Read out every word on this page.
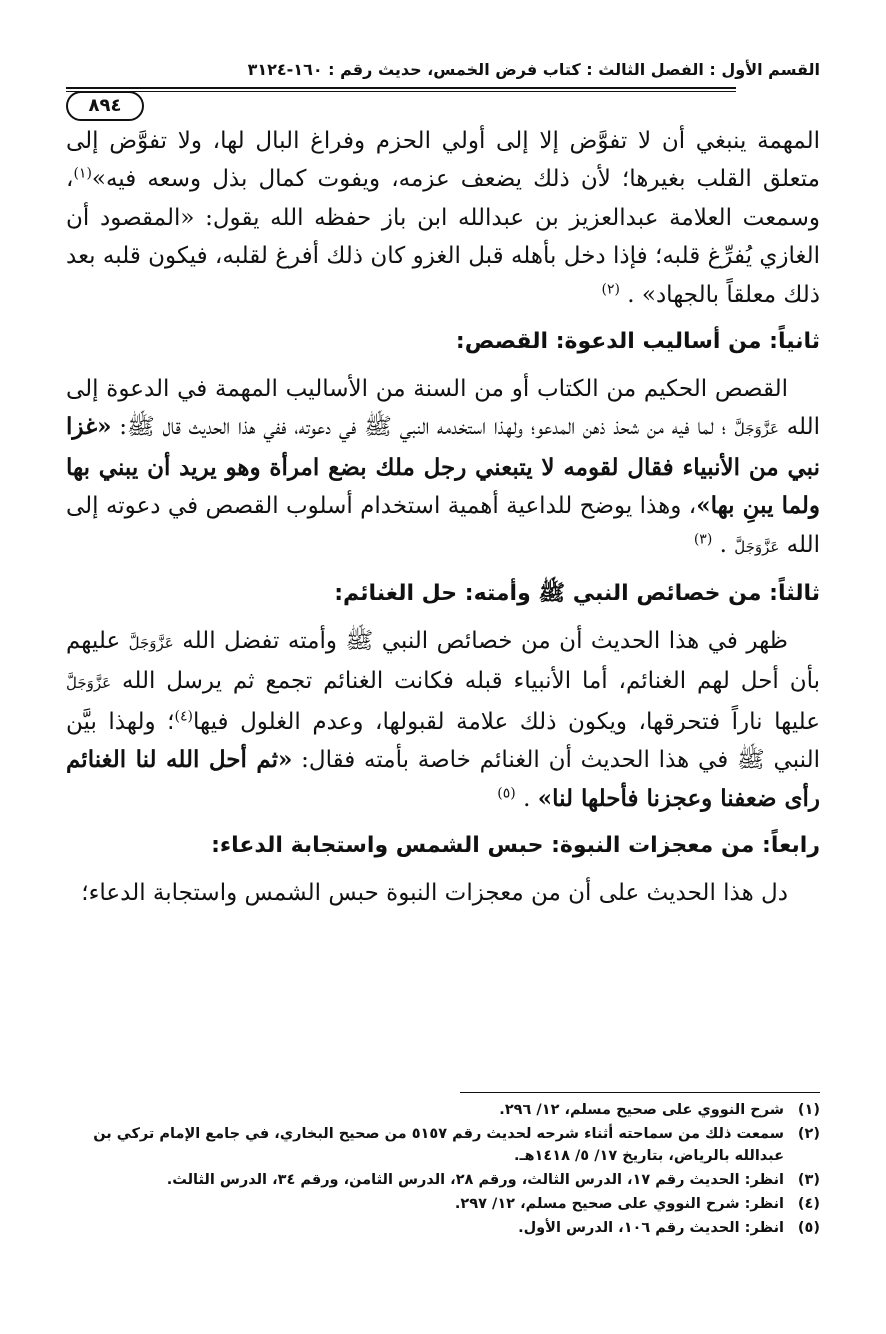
القسم الأول : الفصل الثالث : كتاب فرض الخمس، حديث رقم : ١٦٠-٣١٢٤
٨٩٤

المهمة ينبغي أن لا تفوَّض إلا إلى أولي الحزم وفراغ البال لها، ولا تفوَّض إلى متعلق القلب بغيرها؛ لأن ذلك يضعف عزمه، ويفوت كمال بذل وسعه فيه»$^{(١)}$، وسمعت العلامة عبدالعزيز بن عبدالله ابن باز حفظه الله يقول: «المقصود أن الغازي يُفرِّغ قلبه؛ فإذا دخل بأهله قبل الغزو كان ذلك أفرغ لقلبه، فيكون قلبه بعد ذلك معلقاً بالجهاد» . $^{(٢)}$

ثانياً: من أساليب الدعوة: القصص:

القصص الحكيم من الكتاب أو من السنة من الأساليب المهمة في الدعوة إلى الله عَزَّوَجَلَّ ؛ لما فيه من شحذ ذهن المدعو؛ ولهذا استخدمه النبي ﷺ في دعوته، ففي هذا الحديث قال ﷺ: «غزا نبي من الأنبياء فقال لقومه لا يتبعني رجل ملك بضع امرأة وهو يريد أن يبني بها ولما يبنِ بها»، وهذا يوضح للداعية أهمية استخدام أسلوب القصص في دعوته إلى الله عَزَّوَجَلَّ . $^{(٣)}$

ثالثاً: من خصائص النبي ﷺ وأمته: حل الغنائم:

ظهر في هذا الحديث أن من خصائص النبي ﷺ وأمته تفضل الله عَزَّوَجَلَّ عليهم بأن أحل لهم الغنائم، أما الأنبياء قبله فكانت الغنائم تجمع ثم يرسل الله عَزَّوَجَلَّ عليها ناراً فتحرقها، ويكون ذلك علامة لقبولها، وعدم الغلول فيها$^{(٤)}$؛ ولهذا بيَّن النبي ﷺ في هذا الحديث أن الغنائم خاصة بأمته فقال: «ثم أحل الله لنا الغنائم رأى ضعفنا وعجزنا فأحلها لنا» . $^{(٥)}$

رابعاً: من معجزات النبوة: حبس الشمس واستجابة الدعاء:

دل هذا الحديث على أن من معجزات النبوة حبس الشمس واستجابة الدعاء؛

(١)
شرح النووي على صحيح مسلم، ١٢/ ٢٩٦.
(٢)
سمعت ذلك من سماحته أثناء شرحه لحديث رقم ٥١٥٧ من صحيح البخاري، في جامع الإمام تركي بن عبدالله بالرياض، بتاريخ ١٧/ ٥/ ١٤١٨هـ.
(٣)
انظر: الحديث رقم ١٧، الدرس الثالث، ورقم ٢٨، الدرس الثامن، ورقم ٣٤، الدرس الثالث.
(٤)
انظر: شرح النووي على صحيح مسلم، ١٢/ ٢٩٧.
(٥)
انظر: الحديث رقم ١٠٦، الدرس الأول.
